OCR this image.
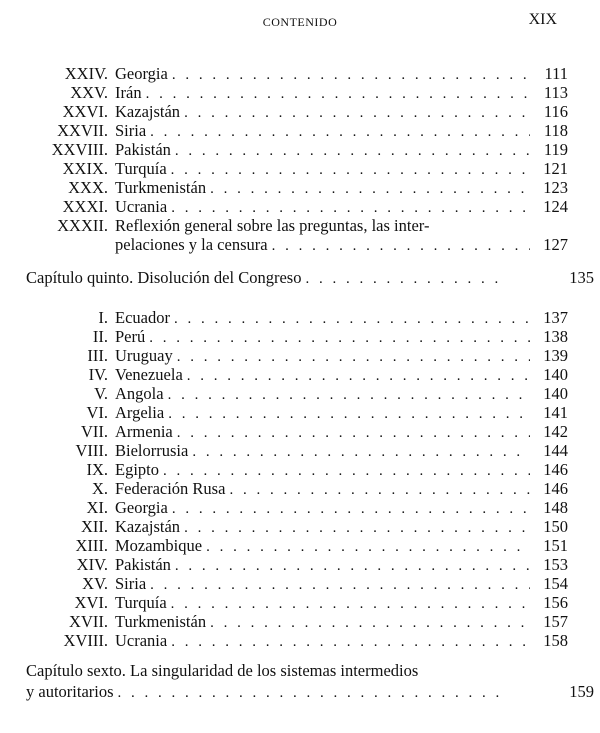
CONTENIDO	XIX
XXIV. Georgia . . .	111
XXV. Irán . . .	113
XXVI. Kazajstán . . .	116
XXVII. Siria . . .	118
XXVIII. Pakistán . . .	119
XXIX. Turquía . . .	121
XXX. Turkmenistán . . .	123
XXXI. Ucrania . . .	124
XXXII. Reflexión general sobre las preguntas, las inter-
pelaciones y la censura . . .	127
Capítulo quinto. Disolución del Congreso . . .	135
I. Ecuador . . .	137
II. Perú . . .	138
III. Uruguay . . .	139
IV. Venezuela . . .	140
V. Angola . . .	140
VI. Argelia . . .	141
VII. Armenia . . .	142
VIII. Bielorrusia . . .	144
IX. Egipto . . .	146
X. Federación Rusa . . .	146
XI. Georgia . . .	148
XII. Kazajstán . . .	150
XIII. Mozambique . . .	151
XIV. Pakistán . . .	153
XV. Siria . . .	154
XVI. Turquía . . .	156
XVII. Turkmenistán . . .	157
XVIII. Ucrania . . .	158
Capítulo sexto. La singularidad de los sistemas intermedios
y autoritarios . . .	159
